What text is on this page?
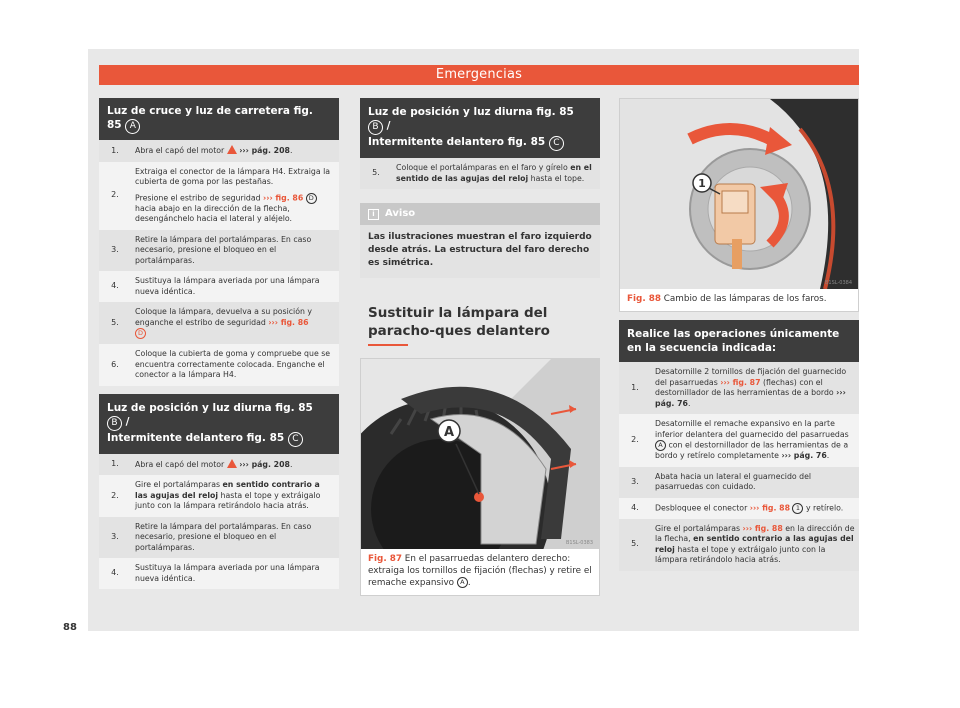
Emergencias
Luz de cruce y luz de carretera fig. 85 A
1.	Abra el capó del motor ››› pág. 208.
2.	Extraiga el conector de la lámpara H4. Extraiga la cubierta de goma por las pestañas.

Presione el estribo de seguridad ››› fig. 86 D hacia abajo en la dirección de la flecha, desengánchelo hacia el lateral y aléjelo.

3.	Retire la lámpara del portalámparas. En caso necesario, presione el bloqueo en el portalámparas.
4.	Sustituya la lámpara averiada por una lámpara nueva idéntica.
5.	Coloque la lámpara, devuelva a su posición y enganche el estribo de seguridad ››› fig. 86
D
6.	Coloque la cubierta de goma y compruebe que se encuentra correctamente colocada. Enganche el conector a la lámpara H4.
Luz de posición y luz diurna fig. 85 B /
Intermitente delantero fig. 85 C
1.	Abra el capó del motor ››› pág. 208.
2.	Gire el portalámparas en sentido contrario a las agujas del reloj hasta el tope y extráigalo junto con la lámpara retirándolo hacia atrás.
3.	Retire la lámpara del portalámparas. En caso necesario, presione el bloqueo en el portalámparas.
4.	Sustituya la lámpara averiada por una lámpara nueva idéntica.
Luz de posición y luz diurna fig. 85 B /
Intermitente delantero fig. 85 C
5.	Coloque el portalámparas en el faro y gírelo en el sentido de las agujas del reloj hasta el tope.
i Aviso
Las ilustraciones muestran el faro izquierdo desde atrás. La estructura del faro derecho es simétrica.
Sustituir la lámpara del paracho-ques delantero
A
B1SL-0383
Fig. 87 En el pasarruedas delantero derecho: extraiga los tornillos de fijación (flechas) y retire el remache expansivo A .
1
B1SL-0384
Fig. 88 Cambio de las lámparas de los faros.
Realice las operaciones únicamente en la secuencia indicada:
1.	Desatornille 2 tornillos de fijación del guarnecido del pasarruedas ››› fig. 87 (flechas) con el destornillador de las herramientas de a bordo ››› pág. 76.
2.	Desatornille el remache expansivo en la parte inferior delantera del guarnecido del pasarruedas A con el destornillador de las herramientas de a bordo y retírelo completamente ››› pág. 76.
3.	Abata hacia un lateral el guarnecido del pasarruedas con cuidado.
4.	Desbloquee el conector ››› fig. 88 1 y retírelo.
5.	Gire el portalámparas ››› fig. 88 en la dirección de la flecha, en sentido contrario a las agujas del reloj hasta el tope y extráigalo junto con la lámpara retirándolo hacia atrás.
88
